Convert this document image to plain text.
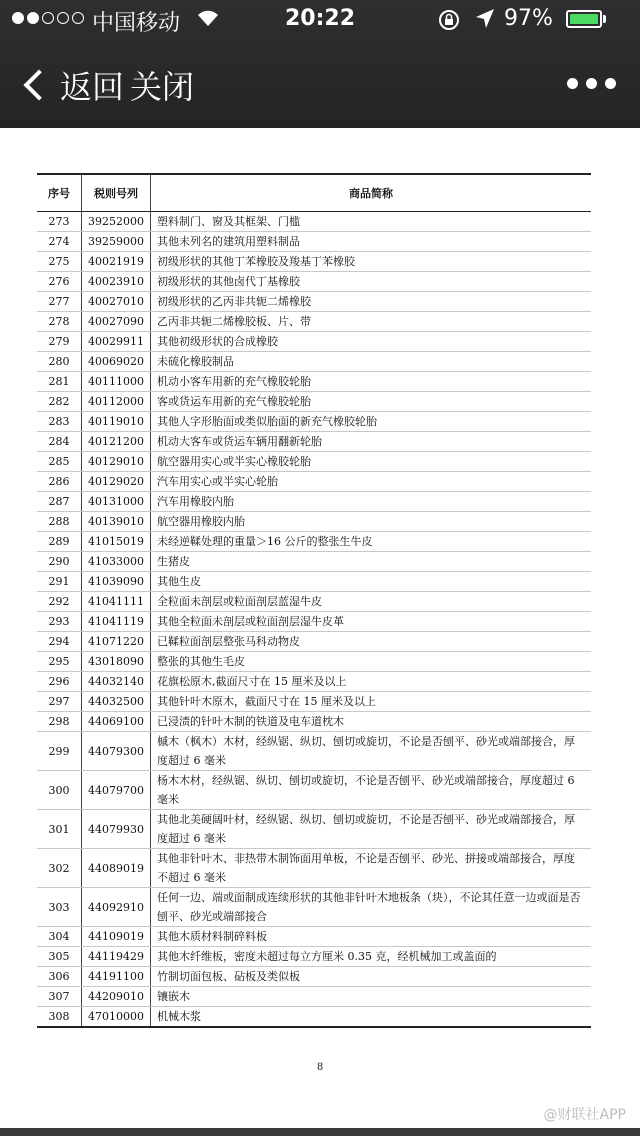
中国移动	20:22	97%
返回 关闭
序号	税则号列	商品简称
273	39252000	塑料制门、窗及其框架、门槛
274	39259000	其他未列名的建筑用塑料制品
275	40021919	初级形状的其他丁苯橡胶及羧基丁苯橡胶
276	40023910	初级形状的其他卤代丁基橡胶
277	40027010	初级形状的乙丙非共轭二烯橡胶
278	40027090	乙丙非共轭二烯橡胶板、片、带
279	40029911	其他初级形状的合成橡胶
280	40069020	未硫化橡胶制品
281	40111000	机动小客车用新的充气橡胶轮胎
282	40112000	客或货运车用新的充气橡胶轮胎
283	40119010	其他人字形胎面或类似胎面的新充气橡胶轮胎
284	40121200	机动大客车或货运车辆用翻新轮胎
285	40129010	航空器用实心或半实心橡胶轮胎
286	40129020	汽车用实心或半实心轮胎
287	40131000	汽车用橡胶内胎
288	40139010	航空器用橡胶内胎
289	41015019	未经逆鞣处理的重量＞16 公斤的整张生牛皮
290	41033000	生猪皮
291	41039090	其他生皮
292	41041111	全粒面未剖层或粒面剖层蓝湿牛皮
293	41041119	其他全粒面未剖层或粒面剖层湿牛皮革
294	41071220	已鞣粒面剖层整张马科动物皮
295	43018090	整张的其他生毛皮
296	44032140	花旗松原木,截面尺寸在 15 厘米及以上
297	44032500	其他针叶木原木，截面尺寸在 15 厘米及以上
298	44069100	已浸渍的针叶木制的铁道及电车道枕木
299	44079300	槭木（枫木）木材，经纵锯、纵切、刨切或旋切，不论是否刨平、砂光或端部接合，厚度超过 6 毫米
300	44079700	杨木木材，经纵锯、纵切、刨切或旋切，不论是否刨平、砂光或端部接合，厚度超过 6 毫米
301	44079930	其他北美硬阔叶材，经纵锯、纵切、刨切或旋切，不论是否刨平、砂光或端部接合，厚度超过 6 毫米
302	44089019	其他非针叶木、非热带木制饰面用单板，不论是否刨平、砂光、拼接或端部接合，厚度不超过 6 毫米
303	44092910	任何一边、端或面制成连续形状的其他非针叶木地板条（块），不论其任意一边或面是否刨平、砂光或端部接合
304	44109019	其他木质材料制碎料板
305	44119429	其他木纤维板，密度未超过每立方厘米 0.35 克，经机械加工或盖面的
306	44191100	竹制切面包板、砧板及类似板
307	44209010	镶嵌木
308	47010000	机械木浆
8
@财联社APP
